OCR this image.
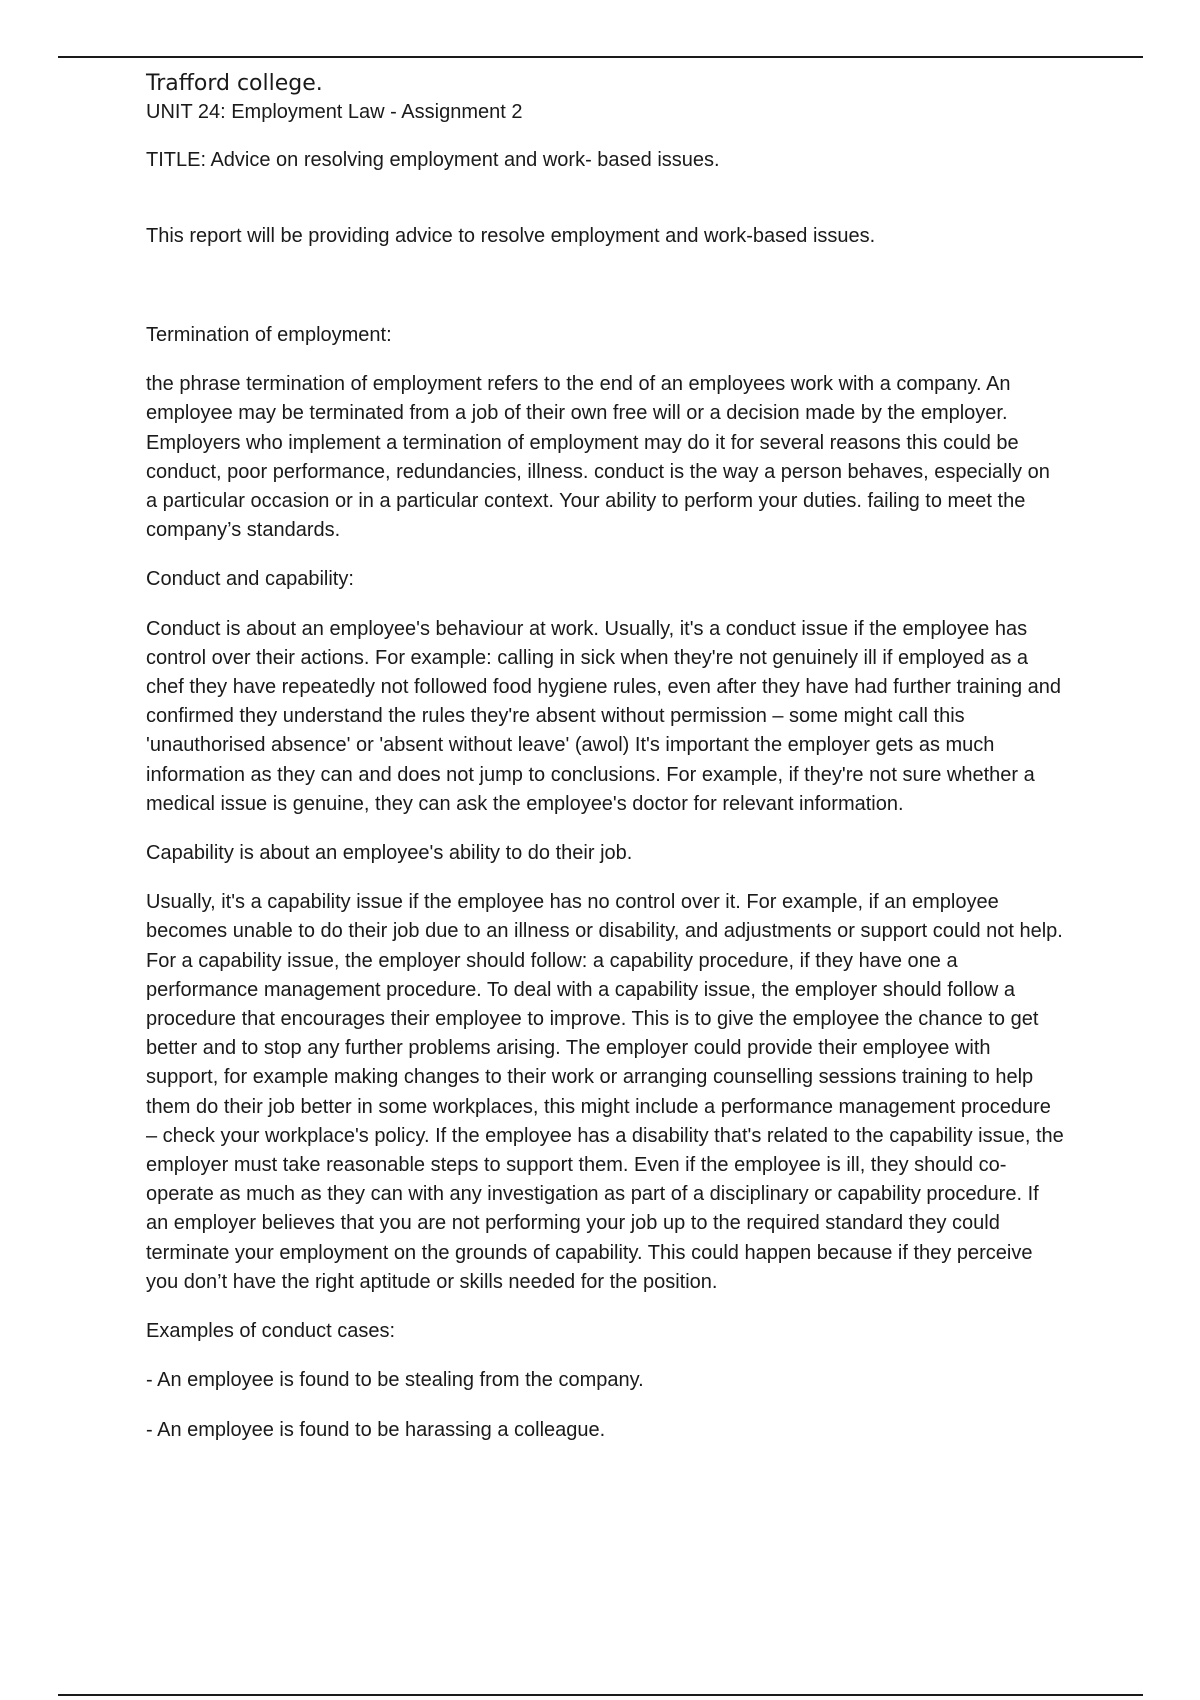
Trafford college.
UNIT 24: Employment Law - Assignment 2
TITLE: Advice on resolving employment and work- based issues.
This report will be providing advice to resolve employment and work-based issues.

Termination of employment:

the phrase termination of employment refers to the end of an employees work with a company. An employee may be terminated from a job of their own free will or a decision made by the employer. Employers who implement a termination of employment may do it for several reasons this could be conduct, poor performance, redundancies, illness. conduct is the way a person behaves, especially on a particular occasion or in a particular context. Your ability to perform your duties. failing to meet the company’s standards.

Conduct and capability:

Conduct is about an employee's behaviour at work. Usually, it's a conduct issue if the employee has control over their actions. For example: calling in sick when they're not genuinely ill if employed as a chef they have repeatedly not followed food hygiene rules, even after they have had further training and confirmed they understand the rules they're absent without permission – some might call this 'unauthorised absence' or 'absent without leave' (awol) It's important the employer gets as much information as they can and does not jump to conclusions. For example, if they're not sure whether a medical issue is genuine, they can ask the employee's doctor for relevant information.

Capability is about an employee's ability to do their job.

Usually, it's a capability issue if the employee has no control over it. For example, if an employee becomes unable to do their job due to an illness or disability, and adjustments or support could not help. For a capability issue, the employer should follow: a capability procedure, if they have one a performance management procedure. To deal with a capability issue, the employer should follow a procedure that encourages their employee to improve. This is to give the employee the chance to get better and to stop any further problems arising. The employer could provide their employee with support, for example making changes to their work or arranging counselling sessions training to help them do their job better in some workplaces, this might include a performance management procedure – check your workplace's policy. If the employee has a disability that's related to the capability issue, the employer must take reasonable steps to support them. Even if the employee is ill, they should co-operate as much as they can with any investigation as part of a disciplinary or capability procedure. If an employer believes that you are not performing your job up to the required standard they could terminate your employment on the grounds of capability. This could happen because if they perceive you don’t have the right aptitude or skills needed for the position.

Examples of conduct cases:

- An employee is found to be stealing from the company.

- An employee is found to be harassing a colleague.
